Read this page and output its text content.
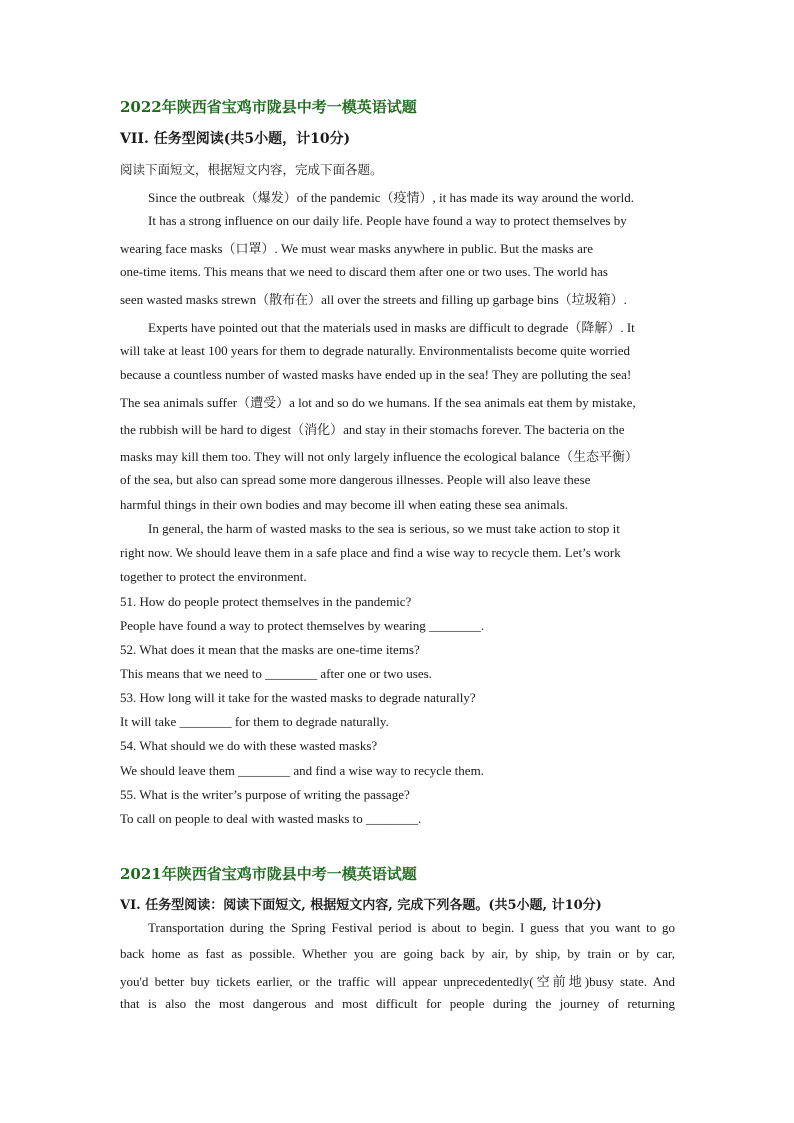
2022年陕西省宝鸡市陇县中考一模英语试题
VII. 任务型阅读(共5小题，计10分)
阅读下面短文，根据短文内容，完成下面各题。
Since the outbreak（爆发）of the pandemic（疫情）, it has made its way around the world.
It has a strong influence on our daily life. People have found a way to protect themselves by
wearing face masks（口罩）. We must wear masks anywhere in public. But the masks are
one-time items. This means that we need to discard them after one or two uses. The world has
seen wasted masks strewn（散布在）all over the streets and filling up garbage bins（垃圾箱）.
Experts have pointed out that the materials used in masks are difficult to degrade（降解）. It
will take at least 100 years for them to degrade naturally. Environmentalists become quite worried
because a countless number of wasted masks have ended up in the sea! They are polluting the sea!
The sea animals suffer（遭受）a lot and so do we humans. If the sea animals eat them by mistake,
the rubbish will be hard to digest（消化）and stay in their stomachs forever. The bacteria on the
masks may kill them too. They will not only largely influence the ecological balance（生态平衡）
of the sea, but also can spread some more dangerous illnesses. People will also leave these
harmful things in their own bodies and may become ill when eating these sea animals.
In general, the harm of wasted masks to the sea is serious, so we must take action to stop it
right now. We should leave them in a safe place and find a wise way to recycle them. Let’s work
together to protect the environment.
51. How do people protect themselves in the pandemic?
People have found a way to protect themselves by wearing ________.
52. What does it mean that the masks are one-time items?
This means that we need to ________ after one or two uses.
53. How long will it take for the wasted masks to degrade naturally?
It will take ________ for them to degrade naturally.
54. What should we do with these wasted masks?
We should leave them ________ and find a wise way to recycle them.
55. What is the writer’s purpose of writing the passage?
To call on people to deal with wasted masks to ________.
2021年陕西省宝鸡市陇县中考一模英语试题
VI. 任务型阅读：阅读下面短文, 根据短文内容, 完成下列各题。(共5小题, 计10分)
Transportation during the Spring Festival period is about to begin. I guess that you want to go
back home as fast as possible. Whether you are going back by air, by ship, by train or by car,
you'd better buy tickets earlier, or the traffic will appear unprecedentedly(空前地)busy state. And
that is also the most dangerous and most difficult for people during the journey of returning
